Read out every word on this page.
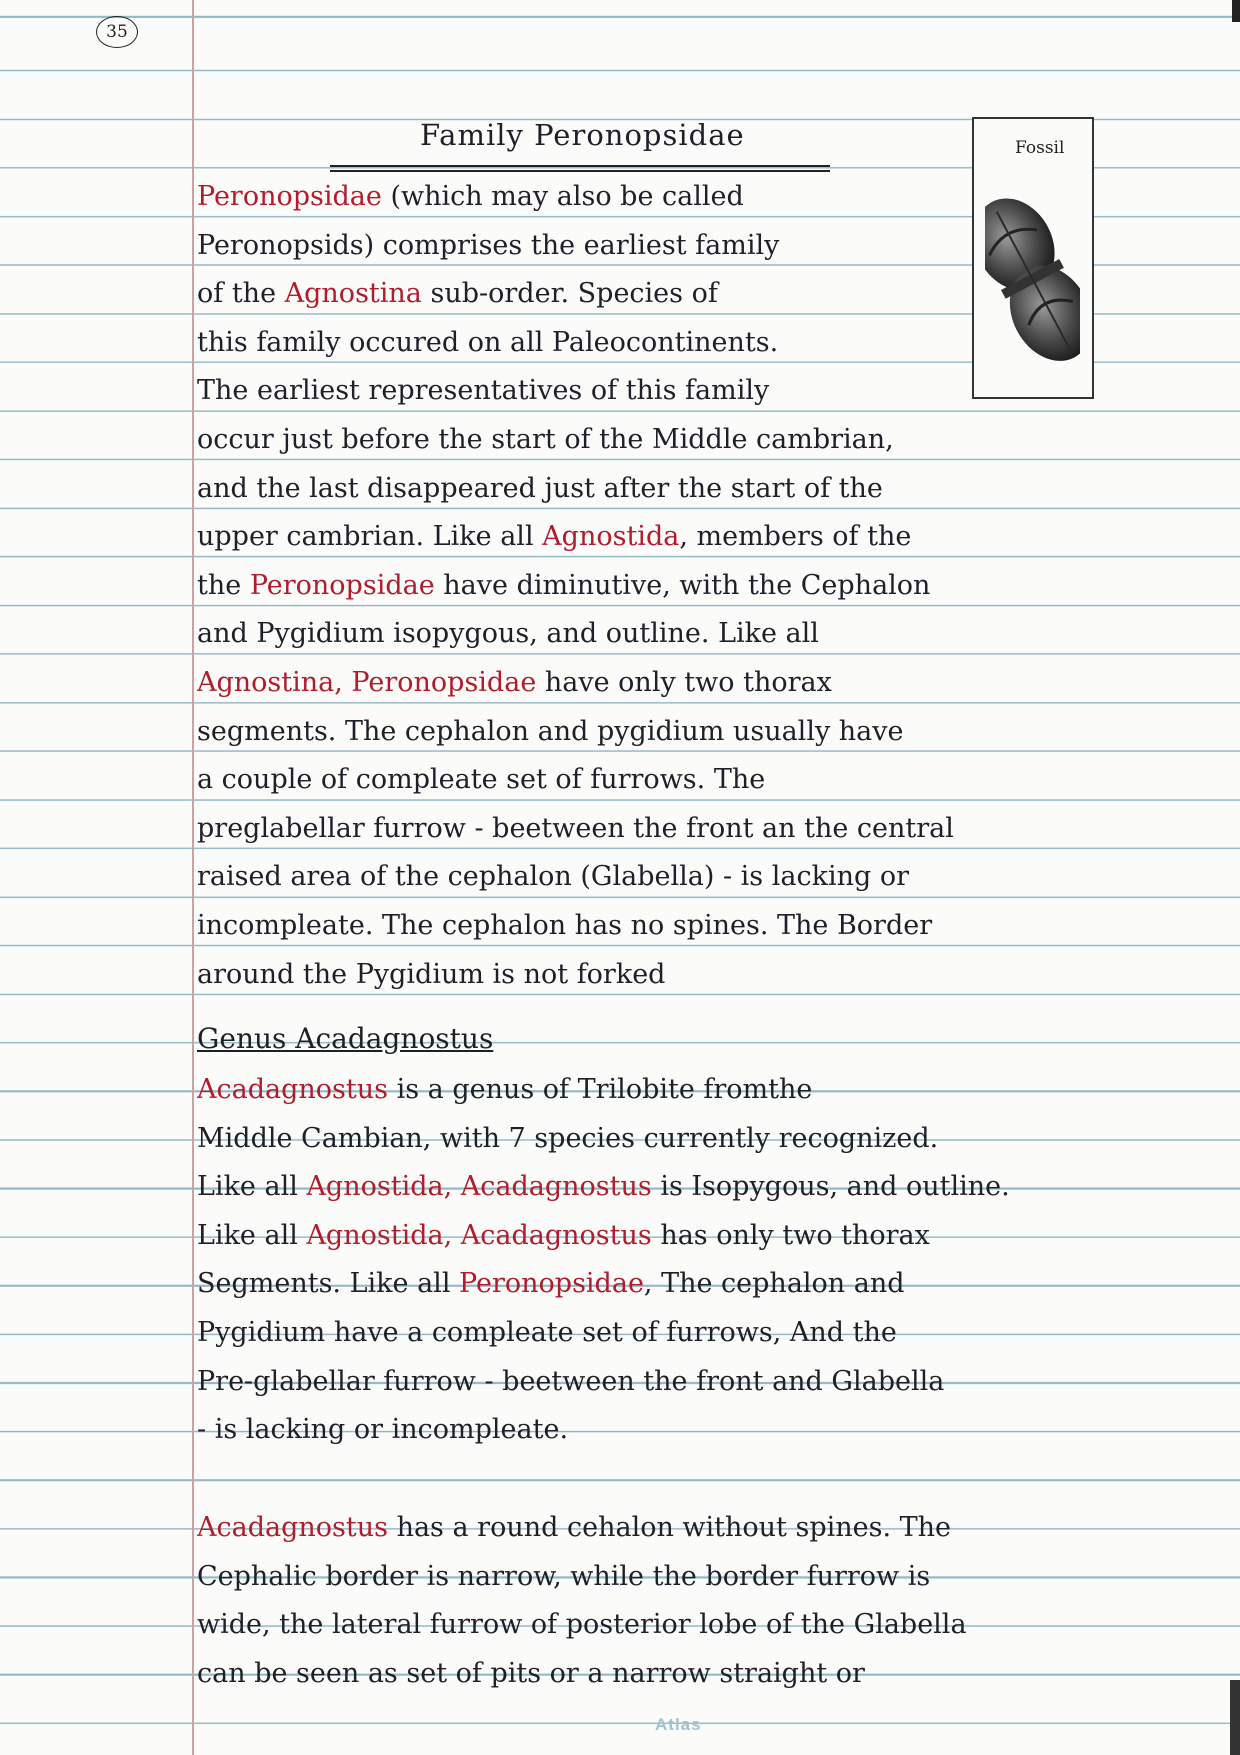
35
Family Peronopsidae	Fossil
Peronopsidae (which may also be called
Peronopsids) comprises the earliest family
of the Agnostina sub-order. Species of
this family occured on all Paleocontinents.
The earliest representatives of this family
occur just before the start of the Middle cambrian,
and the last disappeared just after the start of the
upper cambrian. Like all Agnostida, members of the
the Peronopsidae have diminutive, with the Cephalon
and Pygidium isopygous, and outline. Like all
Agnostina, Peronopsidae have only two thorax
segments. The cephalon and pygidium usually have
a couple of compleate set of furrows. The
preglabellar furrow - beetween the front an the central
raised area of the cephalon (Glabella) - is lacking or
incompleate. The cephalon has no spines. The Border
around the Pygidium is not forked
Genus Acadagnostus
Acadagnostus is a genus of Trilobite fromthe
Middle Cambian, with 7 species currently recognized.
Like all Agnostida, Acadagnostus is Isopygous, and outline.
Like all Agnostida, Acadagnostus has only two thorax
Segments. Like all Peronopsidae, The cephalon and
Pygidium have a compleate set of furrows, And the
Pre-glabellar furrow - beetween the front and Glabella
- is lacking or incompleate.
Acadagnostus has a round cehalon without spines. The
Cephalic border is narrow, while the border furrow is
wide, the lateral furrow of posterior lobe of the Glabella
can be seen as set of pits or a narrow straight or
Atlas
